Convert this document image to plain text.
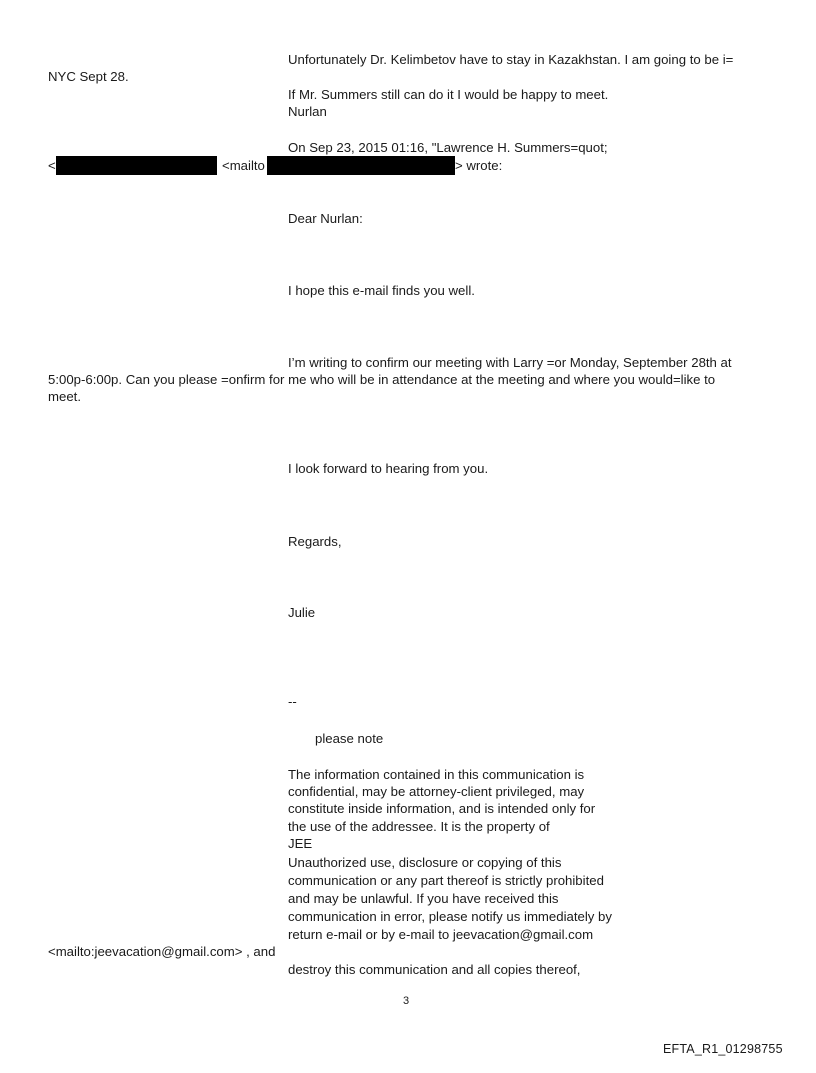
Unfortunately Dr. Kelimbetov have to stay in Kazakhstan. I am going to be i=
NYC Sept 28.
If Mr. Summers still can do it I would be happy to meet.
Nurlan
On Sep 23, 2015 01:16, "Lawrence H. Summers=quot;
<	<mailto	> wrote:
Dear Nurlan:
I hope this e-mail finds you well.
I’m writing to confirm our meeting with Larry =or Monday, September 28th at
5:00p-6:00p. Can you please =onfirm for me who will be in attendance at the meeting and where you would=like to
meet.
I look forward to hearing from you.
Regards,
Julie
--
please note
The information contained in this communication is
confidential, may be attorney-client privileged, may
constitute inside information, and is intended only for
the use of the addressee. It is the property of
JEE
Unauthorized use, disclosure or copying of this
communication or any part thereof is strictly prohibited
and may be unlawful. If you have received this
communication in error, please notify us immediately by
return e-mail or by e-mail to jeevacation@gmail.com
<mailto:jeevacation@gmail.com> , and
destroy this communication and all copies thereof,
3
EFTA_R1_01298755
